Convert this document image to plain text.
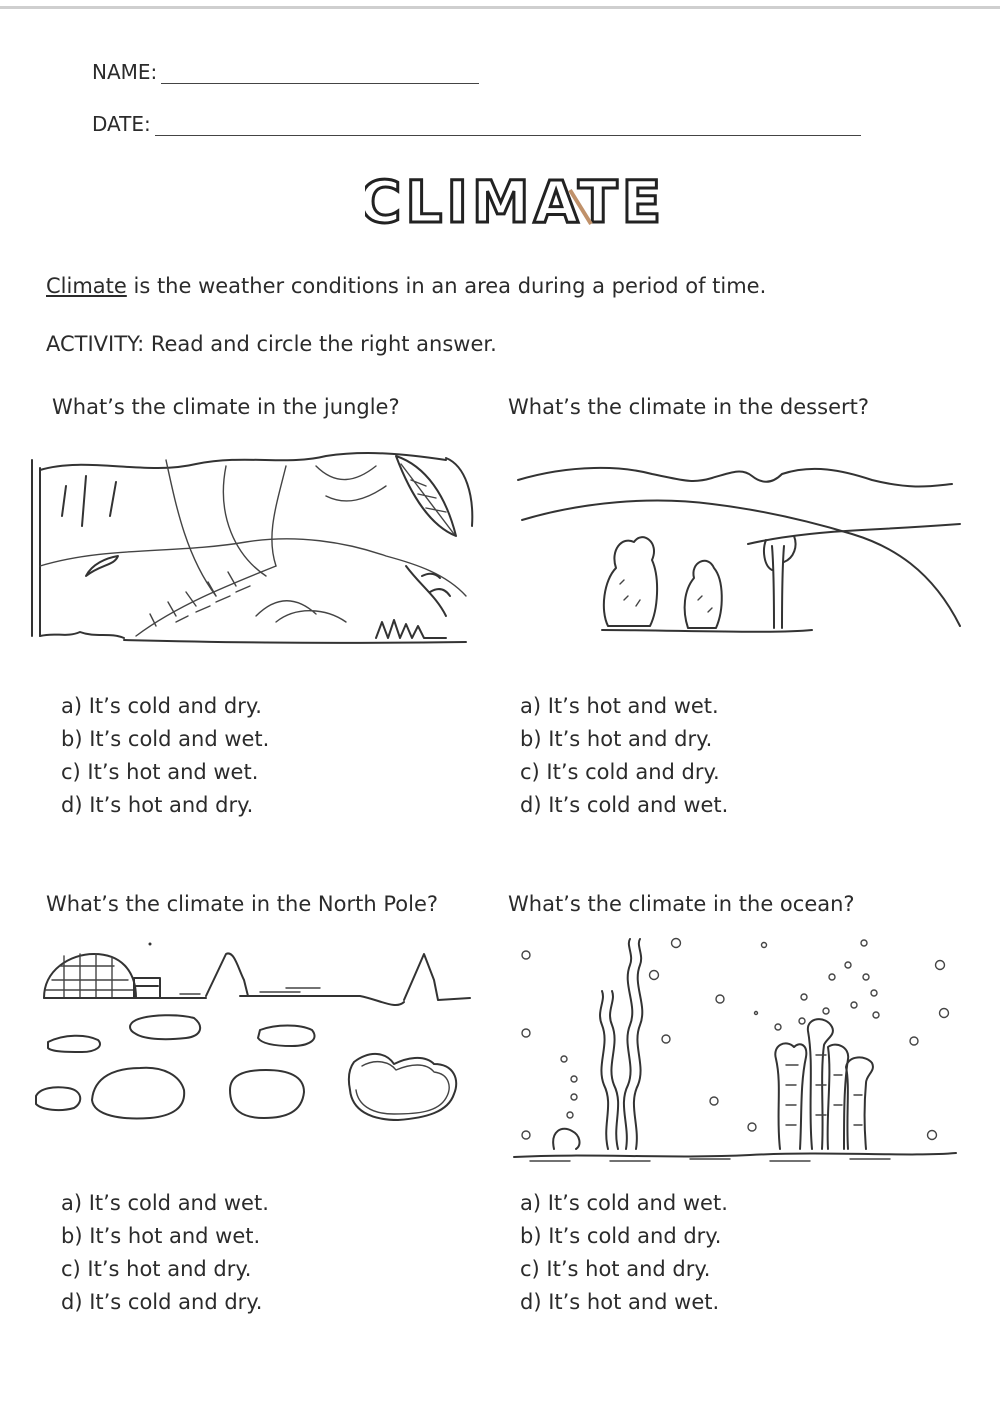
NAME:
DATE:
CLIMATE
Climate is the weather conditions in an area during a period of time.
ACTIVITY: Read and circle the right answer.
What’s the climate in the jungle?
a) It’s cold and dry.
b) It’s cold and wet.
c) It’s hot and wet.
d) It’s hot and dry.
What’s the climate in the dessert?
a) It’s hot and wet.
b) It’s hot and dry.
c) It’s cold and dry.
d) It’s cold and wet.
What’s the climate in the North Pole?
a) It’s cold and wet.
b) It’s hot and wet.
c) It’s hot and dry.
d) It’s cold and dry.
What’s the climate in the ocean?
a) It’s cold and wet.
b) It’s cold and dry.
c) It’s hot and dry.
d) It’s hot and wet.
